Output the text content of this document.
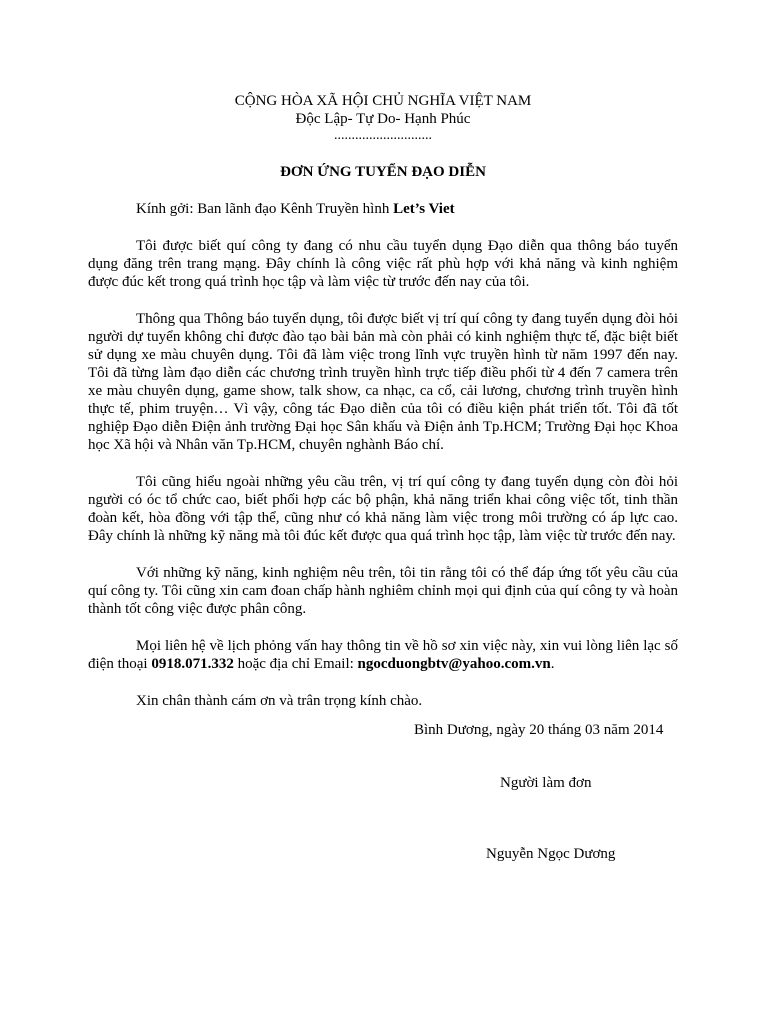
CỘNG HÒA XÃ HỘI CHỦ NGHĨA VIỆT NAM
Độc Lập- Tự Do- Hạnh Phúc
............................
ĐƠN ỨNG TUYỂN ĐẠO DIỄN
Kính gởi: Ban lãnh đạo Kênh Truyền hình Let’s Viet
Tôi được biết quí công ty đang có nhu cầu tuyển dụng Đạo diễn qua thông báo tuyển dụng đăng trên trang mạng. Đây chính là công việc rất phù hợp với khả năng và kinh nghiệm được đúc kết trong quá trình học tập và làm việc từ trước đến nay của tôi.
Thông qua Thông báo tuyển dụng, tôi được biết vị trí quí công ty đang tuyển dụng đòi hỏi người dự tuyển không chỉ được đào tạo bài bản mà còn phải có kinh nghiệm thực tế, đặc biệt biết sử dụng xe màu chuyên dụng. Tôi đã làm việc trong lĩnh vực truyền hình từ năm 1997 đến nay. Tôi đã từng làm đạo diễn các chương trình truyền hình trực tiếp điều phối từ 4 đến 7 camera trên xe màu chuyên dụng, game show, talk show, ca nhạc, ca cổ, cải lương, chương trình truyền hình thực tế, phim truyện… Vì vậy, công tác Đạo diễn của tôi có điều kiện phát triển tốt. Tôi đã tốt nghiệp Đạo diễn Điện ảnh trường Đại học Sân khấu và Điện ảnh Tp.HCM; Trường Đại học Khoa học Xã hội và Nhân văn Tp.HCM, chuyên nghành Báo chí.
Tôi cũng hiểu ngoài những yêu cầu trên, vị trí quí công ty đang tuyển dụng còn đòi hỏi người có óc tổ chức cao, biết phối hợp các bộ phận, khả năng triển khai công việc tốt, tinh thần đoàn kết, hòa đồng với tập thể, cũng như có khả năng làm việc trong môi trường có áp lực cao. Đây chính là những kỹ năng mà tôi đúc kết được qua quá trình học tập, làm việc từ trước đến nay.
Với những kỹ năng, kinh nghiệm nêu trên, tôi tin rằng tôi có thể đáp ứng tốt yêu cầu của quí công ty. Tôi cũng xin cam đoan chấp hành nghiêm chỉnh mọi qui định của quí công ty và hoàn thành tốt công việc được phân công.
Mọi liên hệ về lịch phỏng vấn hay thông tin về hồ sơ xin việc này, xin vui lòng liên lạc số điện thoại 0918.071.332 hoặc địa chỉ Email: ngocduongbtv@yahoo.com.vn.
Xin chân thành cám ơn và trân trọng kính chào.
Bình Dương, ngày 20 tháng 03 năm 2014
Người làm đơn
Nguyễn Ngọc Dương
